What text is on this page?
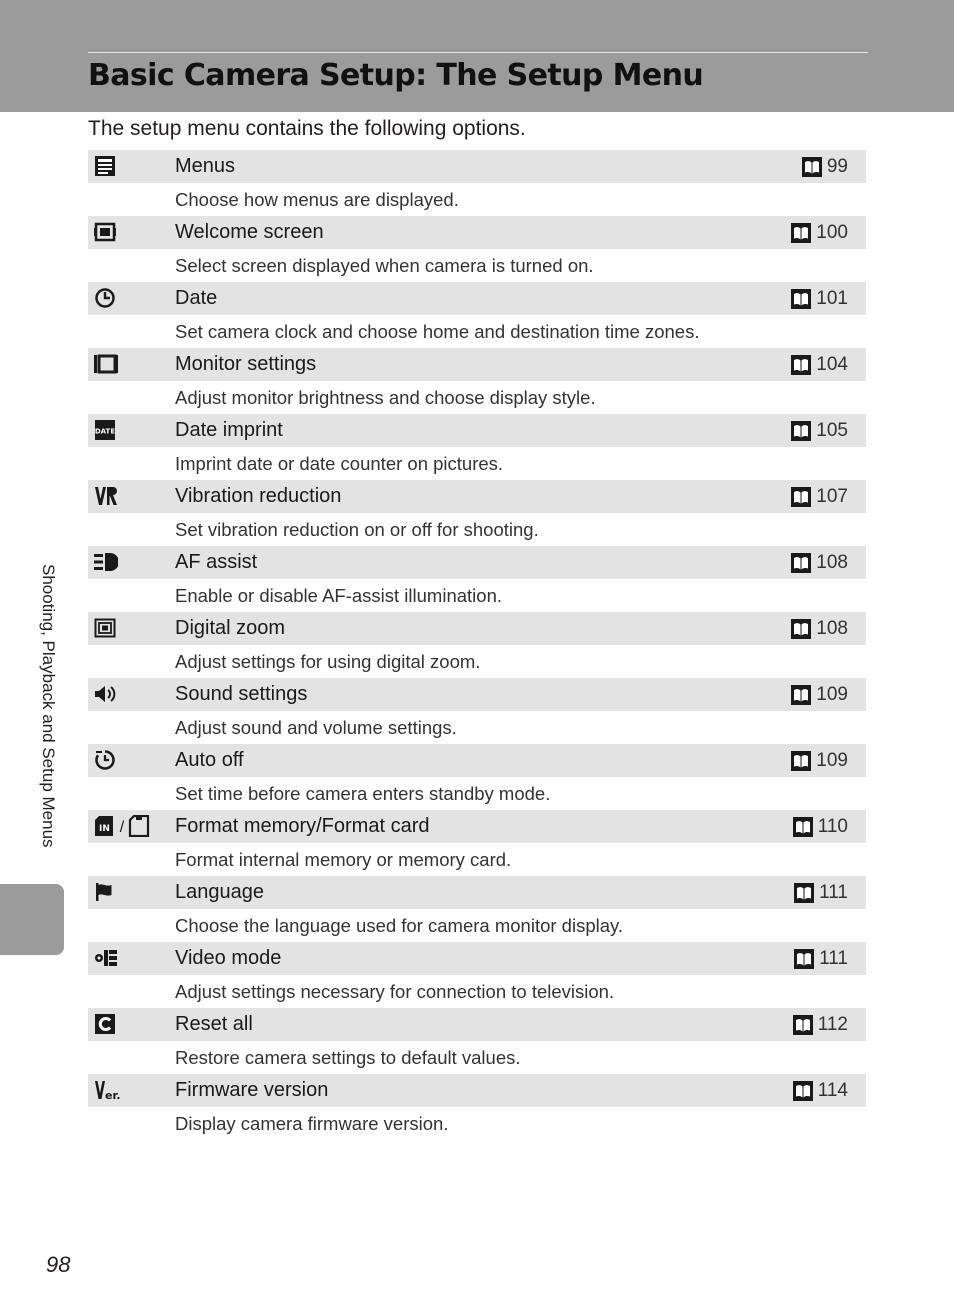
Basic Camera Setup: The Setup Menu

The setup menu contains the following options.

Menus	99
Choose how menus are displayed.
Welcome screen	100
Select screen displayed when camera is turned on.
Date	101
Set camera clock and choose home and destination time zones.
Monitor settings	104
Adjust monitor brightness and choose display style.
DATE	Date imprint	105
Imprint date or date counter on pictures.
Vibration reduction	107
Set vibration reduction on or off for shooting.
AF assist	108
Enable or disable AF-assist illumination.
Digital zoom	108
Adjust settings for using digital zoom.
Sound settings	109
Adjust sound and volume settings.
Auto off	109
Set time before camera enters standby mode.
IN /	Format memory/Format card	110
Format internal memory or memory card.
Language	111
Choose the language used for camera monitor display.
Video mode	111
Adjust settings necessary for connection to television.
Reset all	112
Restore camera settings to default values.
er.	Firmware version	114
Display camera firmware version.
Shooting, Playback and Setup Menus
98
